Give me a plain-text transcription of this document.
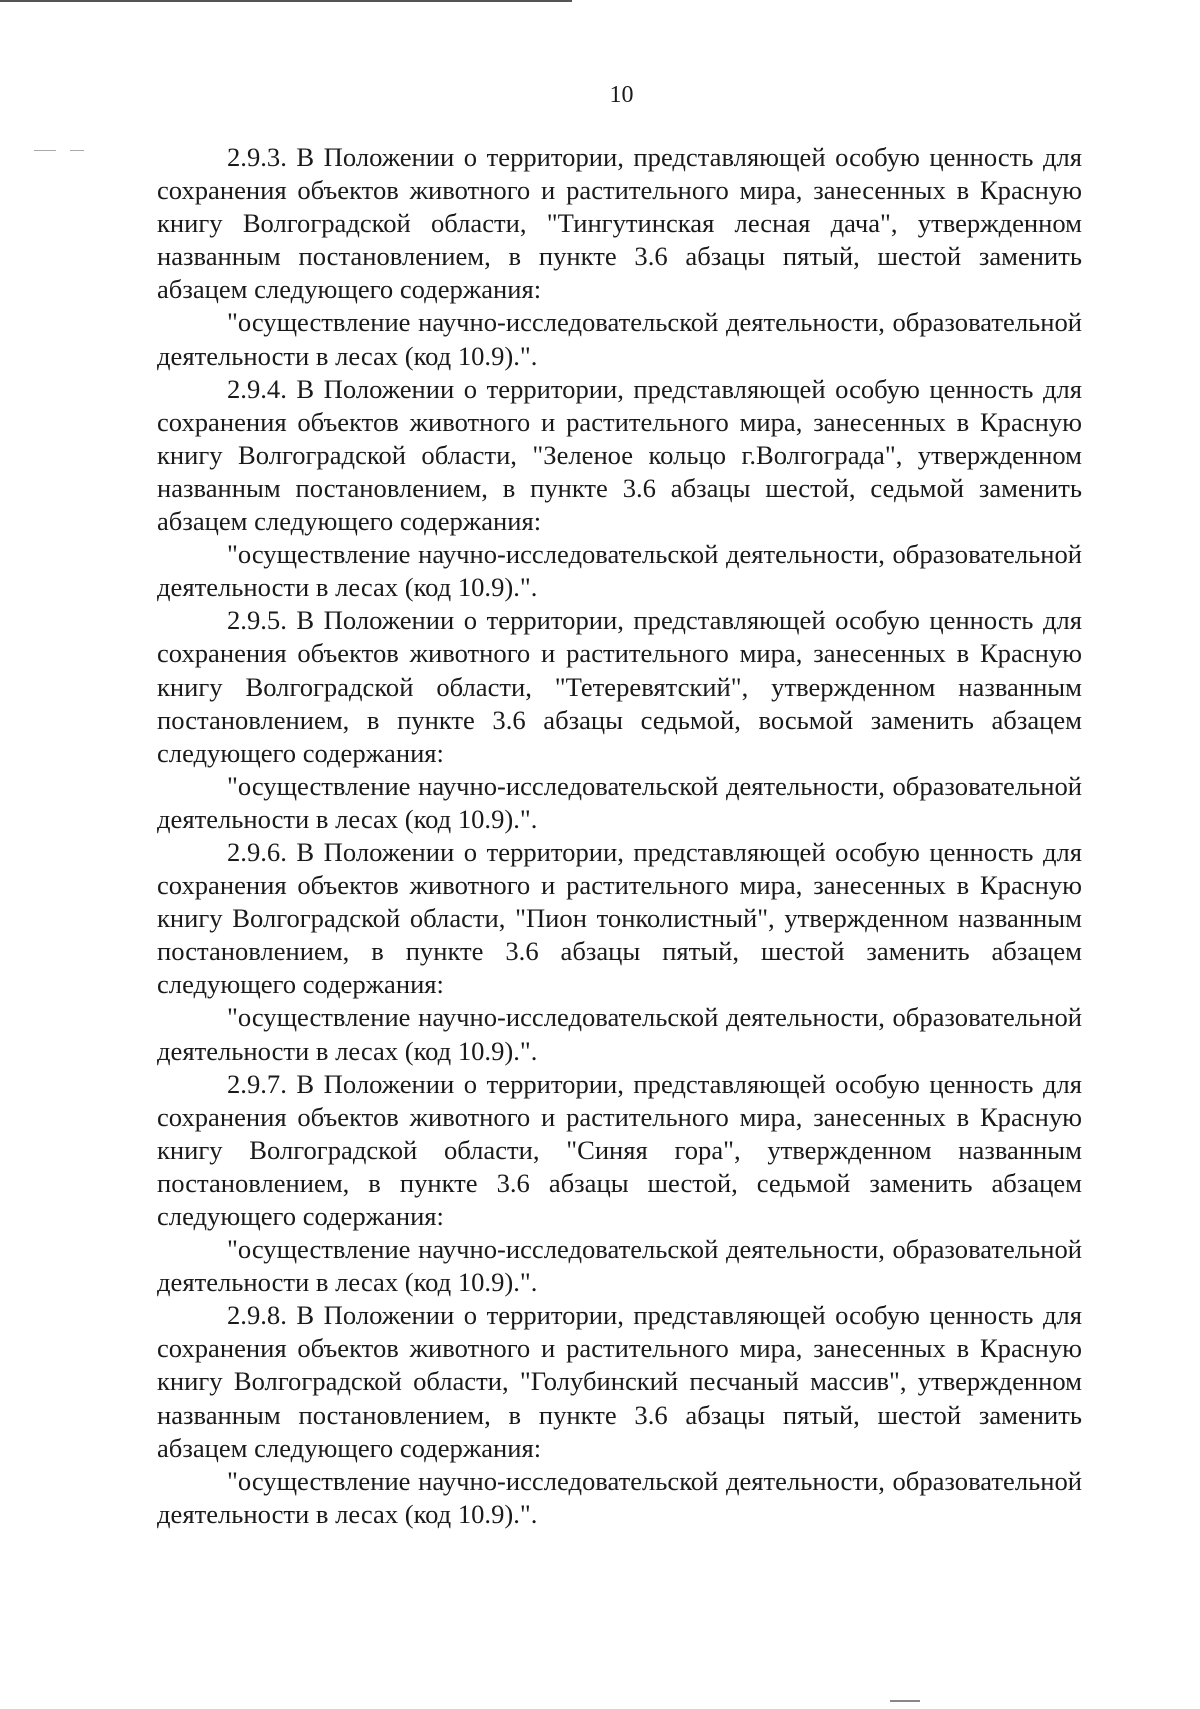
10

2.9.3. В Положении о территории, представляющей особую ценность для сохранения объектов животного и растительного мира, занесенных в Красную книгу Волгоградской области, "Тингутинская лесная дача", утвержденном названным постановлением, в пункте 3.6 абзацы пятый, шестой заменить абзацем следующего содержания:

"осуществление научно-исследовательской деятельности, образовательной деятельности в лесах (код 10.9).".

2.9.4. В Положении о территории, представляющей особую ценность для сохранения объектов животного и растительного мира, занесенных в Красную книгу Волгоградской области, "Зеленое кольцо г.Волгограда", утвержденном названным постановлением, в пункте 3.6 абзацы шестой, седьмой заменить абзацем следующего содержания:

"осуществление научно-исследовательской деятельности, образовательной деятельности в лесах (код 10.9).".

2.9.5. В Положении о территории, представляющей особую ценность для сохранения объектов животного и растительного мира, занесенных в Красную книгу Волгоградской области, "Тетеревятский", утвержденном названным постановлением, в пункте 3.6 абзацы седьмой, восьмой заменить абзацем следующего содержания:

"осуществление научно-исследовательской деятельности, образовательной деятельности в лесах (код 10.9).".

2.9.6. В Положении о территории, представляющей особую ценность для сохранения объектов животного и растительного мира, занесенных в Красную книгу Волгоградской области, "Пион тонколистный", утвержденном названным постановлением, в пункте 3.6 абзацы пятый, шестой заменить абзацем следующего содержания:

"осуществление научно-исследовательской деятельности, образовательной деятельности в лесах (код 10.9).".

2.9.7. В Положении о территории, представляющей особую ценность для сохранения объектов животного и растительного мира, занесенных в Красную книгу Волгоградской области, "Синяя гора", утвержденном названным постановлением, в пункте 3.6 абзацы шестой, седьмой заменить абзацем следующего содержания:

"осуществление научно-исследовательской деятельности, образовательной деятельности в лесах (код 10.9).".

2.9.8. В Положении о территории, представляющей особую ценность для сохранения объектов животного и растительного мира, занесенных в Красную книгу Волгоградской области, "Голубинский песчаный массив", утвержденном названным постановлением, в пункте 3.6 абзацы пятый, шестой заменить абзацем следующего содержания:

"осуществление научно-исследовательской деятельности, образовательной деятельности в лесах (код 10.9).".
